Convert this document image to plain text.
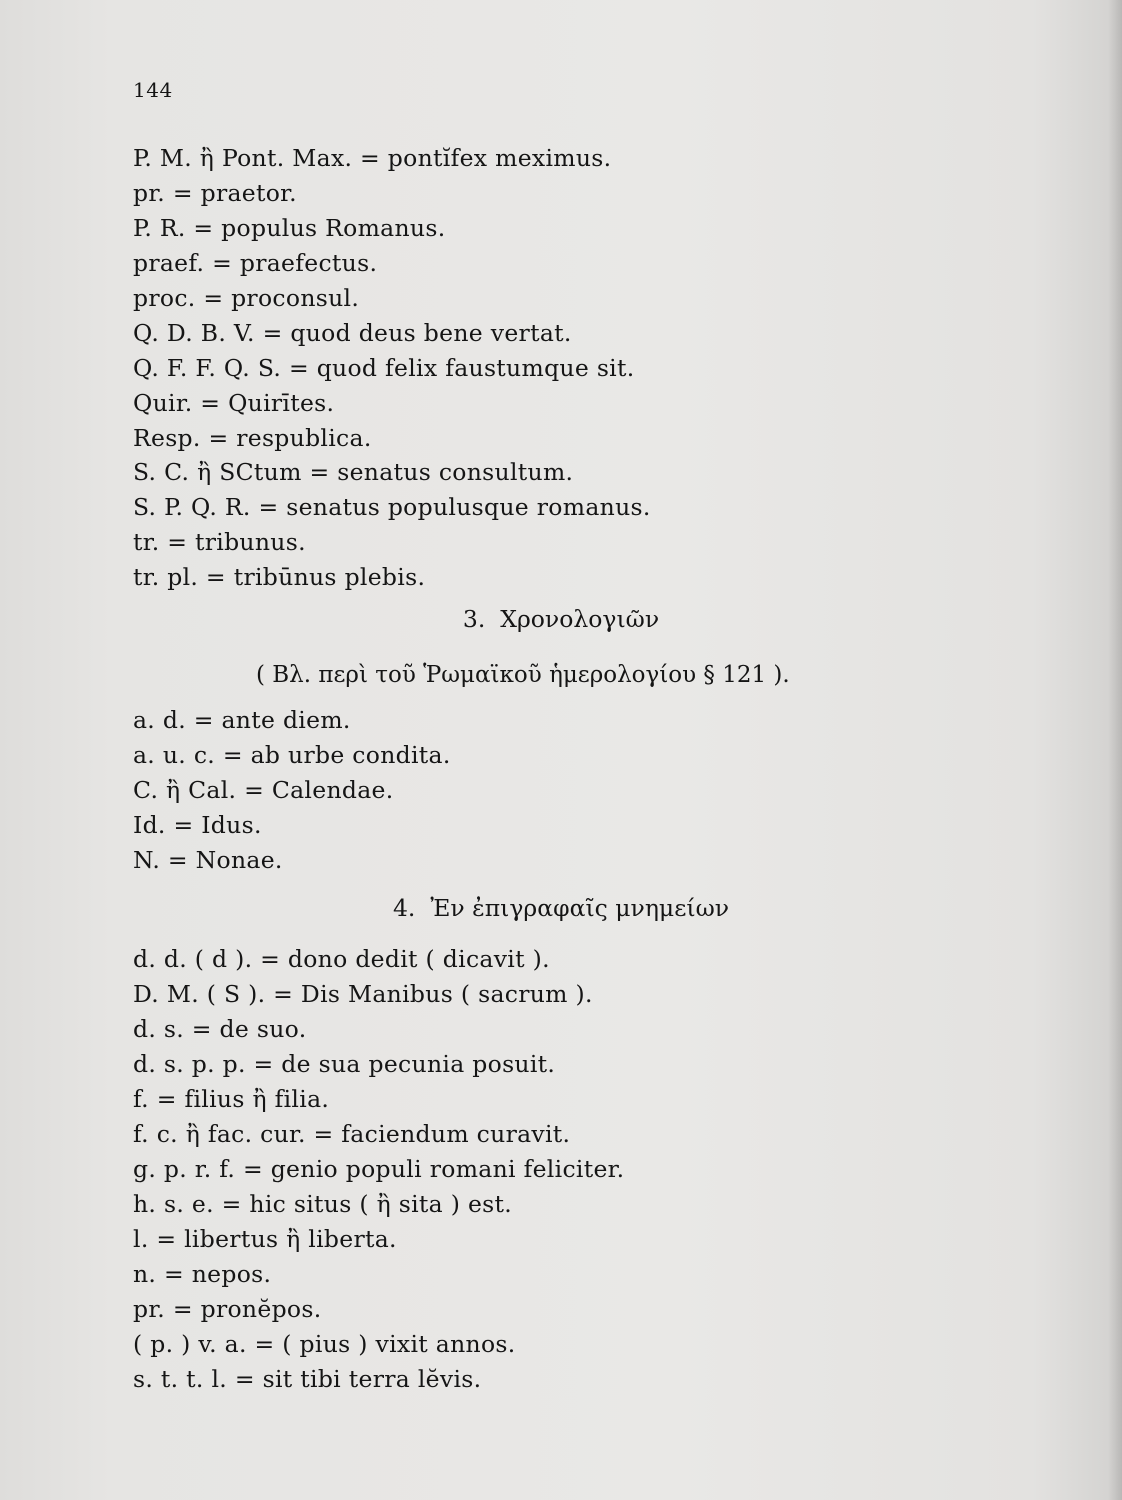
144
P. M. ἢ Pont. Max. = pontĭfex meximus.
pr. = praetor.
P. R. = populus Romanus.
praef. = praefectus.
proc. = proconsul.
Q. D. B. V. = quod deus bene vertat.
Q. F. F. Q. S. = quod felix faustumque sit.
Quir. = Quirītes.
Resp. = respublica.
S. C. ἢ SCtum = senatus consultum.
S. P. Q. R. = senatus populusque romanus.
tr. = tribunus.
tr. pl. = tribūnus plebis.
3.  Χρονολογιῶν
( Βλ. περὶ τοῦ Ῥωμαϊκοῦ ἡμερολογίου § 121 ).
a. d. = ante diem.
a. u. c. = ab urbe condita.
C. ἢ Cal. = Calendae.
Id. = Idus.
N. = Nonae.
4.  Ἐν ἐπιγραφαῖς μνημείων
d. d. ( d ). = dono dedit ( dicavit ).
D. M. ( S ). = Dis Manibus ( sacrum ).
d. s. = de suo.
d. s. p. p. = de sua pecunia posuit.
f. = filius ἢ filia.
f. c. ἢ fac. cur. = faciendum curavit.
g. p. r. f. = genio populi romani feliciter.
h. s. e. = hic situs ( ἢ sita ) est.
l. = libertus ἢ liberta.
n. = nepos.
pr. = pronĕpos.
( p. ) v. a. = ( pius ) vixit annos.
s. t. t. l. = sit tibi terra lĕvis.
